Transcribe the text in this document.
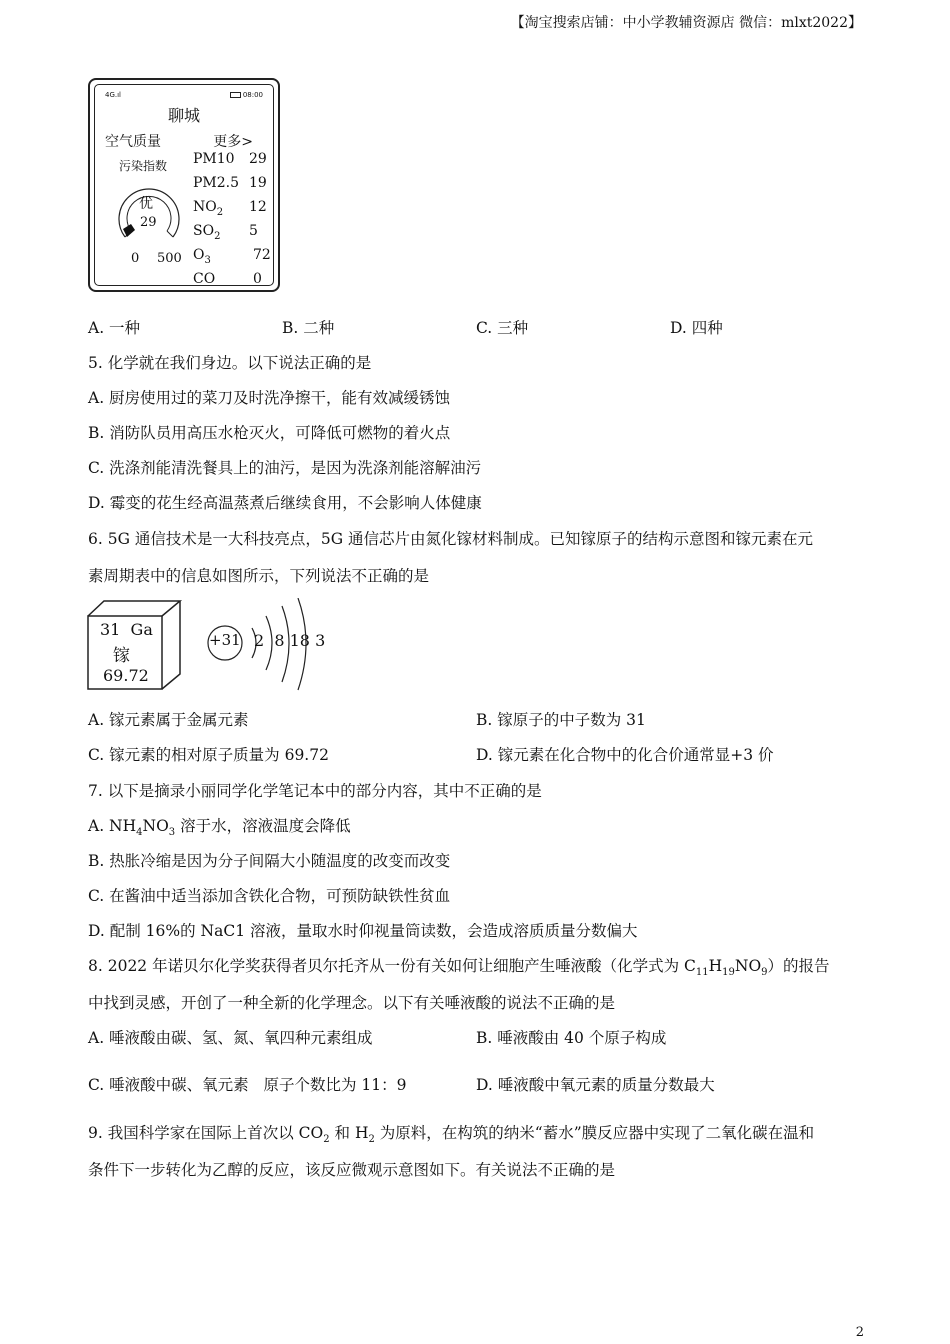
【淘宝搜索店铺：中小学教辅资源店 微信：mlxt2022】
4G.ıl	08:00
聊城
空气质量	更多>
污染指数
优
29
0 500
PM10 29
PM2.5 19
$NO_2$ 12
$SO_2$ 5
$O_3$	72
CO	0
A. 一种	B. 二种	C. 三种	D. 四种
5. 化学就在我们身边。以下说法正确的是
A. 厨房使用过的菜刀及时洗净擦干，能有效减缓锈蚀
B. 消防队员用高压水枪灭火，可降低可燃物的着火点
C. 洗涤剂能清洗餐具上的油污，是因为洗涤剂能溶解油污
D. 霉变的花生经高温蒸煮后继续食用，不会影响人体健康
6. 5G 通信技术是一大科技亮点，5G 通信芯片由氮化镓材料制成。已知镓原子的结构示意图和镓元素在元
素周期表中的信息如图所示，下列说法不正确的是
31 Ga
镓
69.72
+31 2  8 18 3
A. 镓元素属于金属元素	B. 镓原子的中子数为 31
C. 镓元素的相对原子质量为 69.72	D. 镓元素在化合物中的化合价通常显+3 价
7. 以下是摘录小丽同学化学笔记本中的部分内容，其中不正确的是
A. $NH_4NO_3$ 溶于水，溶液温度会降低
B. 热胀冷缩是因为分子间隔大小随温度的改变而改变
C. 在酱油中适当添加含铁化合物，可预防缺铁性贫血
D. 配制 16%的 NaC1 溶液，量取水时仰视量筒读数，会造成溶质质量分数偏大
8. 2022 年诺贝尔化学奖获得者贝尔托齐从一份有关如何让细胞产生唾液酸（化学式为 $C_{11}H_{19}NO_9$）的报告
中找到灵感，开创了一种全新的化学理念。以下有关唾液酸的说法不正确的是
A. 唾液酸由碳、氢、氮、氧四种元素组成	B. 唾液酸由 40 个原子构成
C. 唾液酸中碳、氧元素   原子个数比为 11：9	D. 唾液酸中氧元素的质量分数最大
9. 我国科学家在国际上首次以 $CO_2$ 和 $H_2$ 为原料，在构筑的纳米“蓄水”膜反应器中实现了二氧化碳在温和
条件下一步转化为乙醇的反应，该反应微观示意图如下。有关说法不正确的是
2
